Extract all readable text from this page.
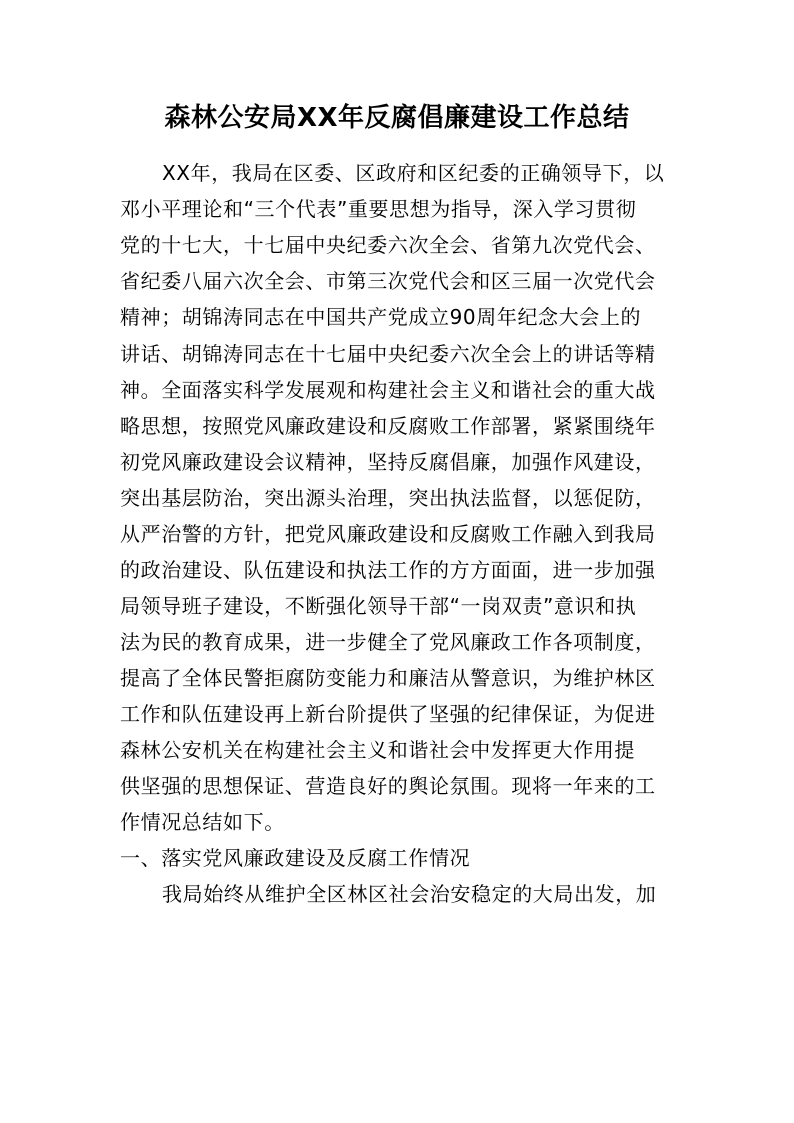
森林公安局XX年反腐倡廉建设工作总结
XX年，我局在区委、区政府和区纪委的正确领导下，以
邓小平理论和“三个代表”重要思想为指导，深入学习贯彻
党的十七大，十七届中央纪委六次全会、省第九次党代会、
省纪委八届六次全会、市第三次党代会和区三届一次党代会
精神；胡锦涛同志在中国共产党成立90周年纪念大会上的
讲话、胡锦涛同志在十七届中央纪委六次全会上的讲话等精
神。全面落实科学发展观和构建社会主义和谐社会的重大战
略思想，按照党风廉政建设和反腐败工作部署，紧紧围绕年
初党风廉政建设会议精神，坚持反腐倡廉，加强作风建设，
突出基层防治，突出源头治理，突出执法监督，以惩促防，
从严治警的方针，把党风廉政建设和反腐败工作融入到我局
的政治建设、队伍建设和执法工作的方方面面，进一步加强
局领导班子建设，不断强化领导干部“一岗双责”意识和执
法为民的教育成果，进一步健全了党风廉政工作各项制度，
提高了全体民警拒腐防变能力和廉洁从警意识，为维护林区
工作和队伍建设再上新台阶提供了坚强的纪律保证，为促进
森林公安机关在构建社会主义和谐社会中发挥更大作用提
供坚强的思想保证、营造良好的舆论氛围。现将一年来的工
作情况总结如下。
一、落实党风廉政建设及反腐工作情况
我局始终从维护全区林区社会治安稳定的大局出发，加
